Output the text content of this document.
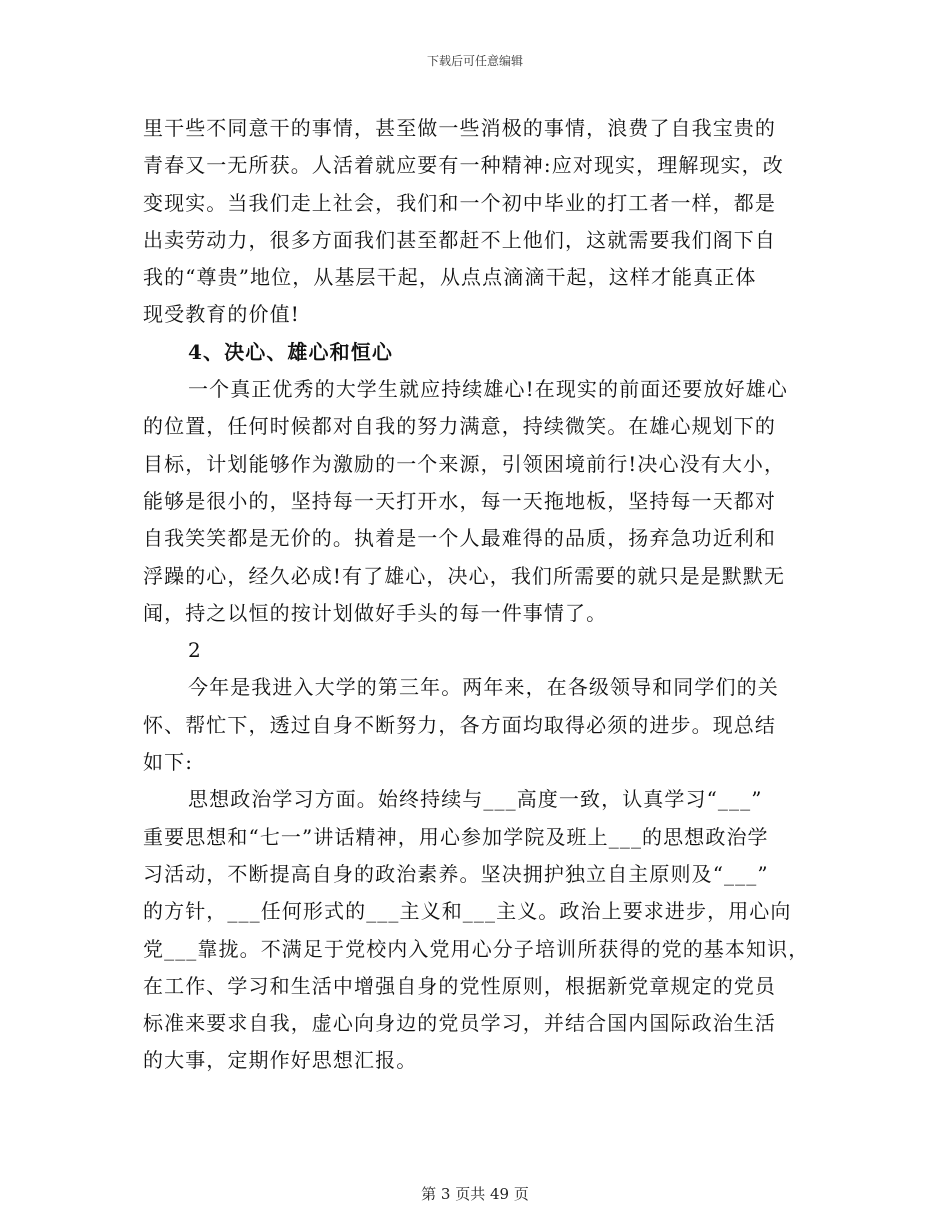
下载后可任意编辑
里干些不同意干的事情，甚至做一些消极的事情，浪费了自我宝贵的
青春又一无所获。人活着就应要有一种精神:应对现实，理解现实，改
变现实。当我们走上社会，我们和一个初中毕业的打工者一样，都是
出卖劳动力，很多方面我们甚至都赶不上他们，这就需要我们阁下自
我的“尊贵”地位，从基层干起，从点点滴滴干起，这样才能真正体
现受教育的价值!
4、决心、雄心和恒心
一个真正优秀的大学生就应持续雄心!在现实的前面还要放好雄心
的位置，任何时候都对自我的努力满意，持续微笑。在雄心规划下的
目标，计划能够作为激励的一个来源，引领困境前行!决心没有大小，
能够是很小的，坚持每一天打开水，每一天拖地板，坚持每一天都对
自我笑笑都是无价的。执着是一个人最难得的品质，扬弃急功近利和
浮躁的心，经久必成!有了雄心，决心，我们所需要的就只是是默默无
闻，持之以恒的按计划做好手头的每一件事情了。
2
今年是我进入大学的第三年。两年来，在各级领导和同学们的关
怀、帮忙下，透过自身不断努力，各方面均取得必须的进步。现总结
如下:
思想政治学习方面。始终持续与___高度一致，认真学习“___”
重要思想和“七一”讲话精神，用心参加学院及班上___的思想政治学
习活动，不断提高自身的政治素养。坚决拥护独立自主原则及“___”
的方针，___任何形式的___主义和___主义。政治上要求进步，用心向
党___靠拢。不满足于党校内入党用心分子培训所获得的党的基本知识，
在工作、学习和生活中增强自身的党性原则，根据新党章规定的党员
标准来要求自我，虚心向身边的党员学习，并结合国内国际政治生活
的大事，定期作好思想汇报。
第 3 页共 49 页
